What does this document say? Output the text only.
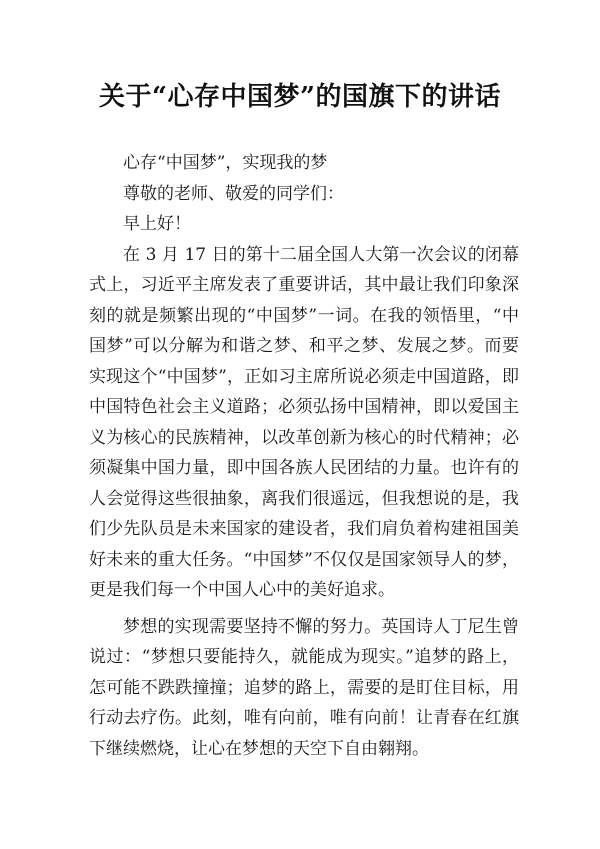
关于“心存中国梦”的国旗下的讲话

心存“中国梦”，实现我的梦

尊敬的老师、敬爱的同学们：

早上好！

在 3 月 17 日的第十二届全国人大第一次会议的闭幕式上，习近平主席发表了重要讲话，其中最让我们印象深刻的就是频繁出现的“中国梦”一词。在我的领悟里，“中国梦”可以分解为和谐之梦、和平之梦、发展之梦。而要实现这个“中国梦”，正如习主席所说必须走中国道路，即中国特色社会主义道路；必须弘扬中国精神，即以爱国主义为核心的民族精神，以改革创新为核心的时代精神；必须凝集中国力量，即中国各族人民团结的力量。也许有的人会觉得这些很抽象，离我们很遥远，但我想说的是，我们少先队员是未来国家的建设者，我们肩负着构建祖国美好未来的重大任务。“中国梦”不仅仅是国家领导人的梦，更是我们每一个中国人心中的美好追求。

梦想的实现需要坚持不懈的努力。英国诗人丁尼生曾说过：“梦想只要能持久，就能成为现实。”追梦的路上，怎可能不跌跌撞撞；追梦的路上，需要的是盯住目标，用行动去疗伤。此刻，唯有向前，唯有向前！让青春在红旗下继续燃烧，让心在梦想的天空下自由翱翔。
